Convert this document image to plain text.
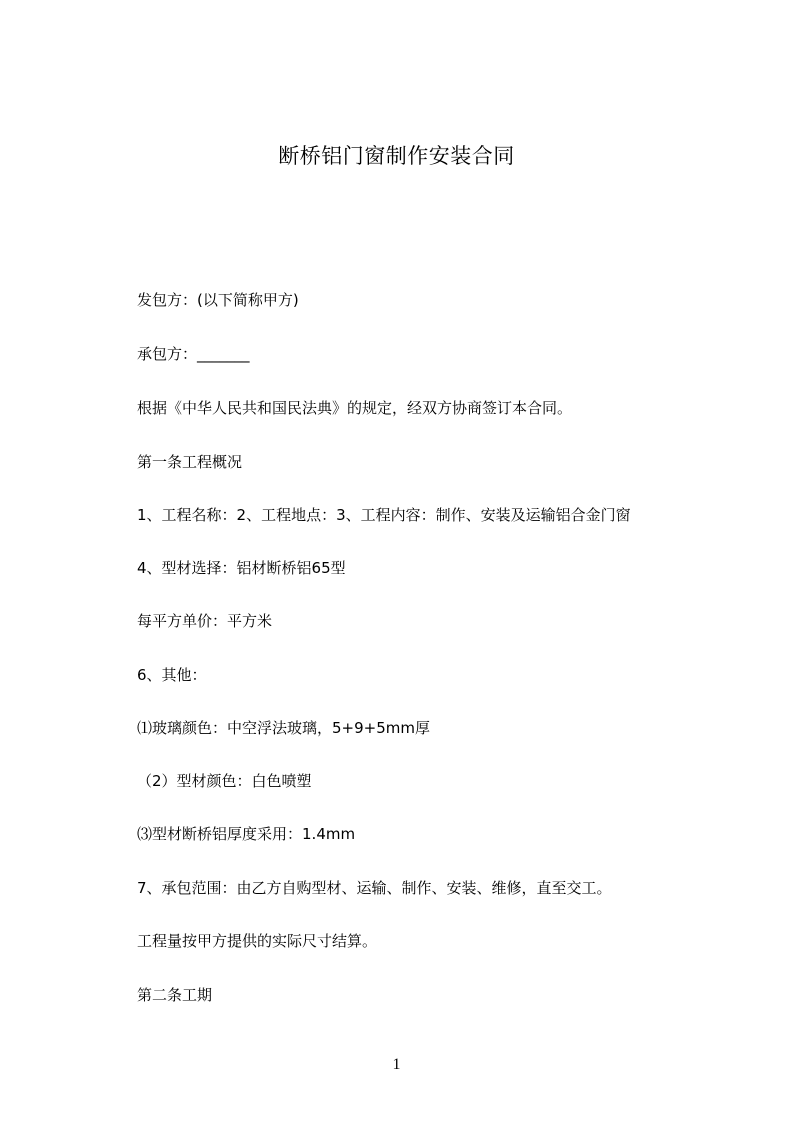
断桥铝门窗制作安装合同
发包方：(以下简称甲方)
承包方：_______
根据《中华人民共和国民法典》的规定，经双方协商签订本合同。
第一条工程概况
1、工程名称：2、工程地点：3、工程内容：制作、安装及运输铝合金门窗
4、型材选择：铝材断桥铝65型
每平方单价：平方米
6、其他：
⑴玻璃颜色：中空浮法玻璃，5+9+5mm厚
（2）型材颜色：白色喷塑
⑶型材断桥铝厚度采用：1.4mm
7、承包范围：由乙方自购型材、运输、制作、安装、维修，直至交工。
工程量按甲方提供的实际尺寸结算。
第二条工期
1
